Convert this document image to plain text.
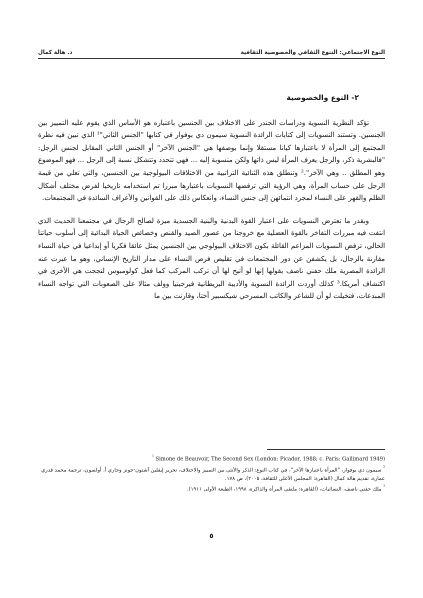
النوع الاجتماعي: التنوع الثقافي والخصوصية الثقافية
د. هالة كمال
٢- النوع والخصوصية

تؤكد النظرية النسوية ودراسات الجندر على الاختلاف بين الجنسين باعتباره هو الأساس الذي يقوم عليه التمييز بين الجنسين. وتستند النسويات إلى كتابات الرائدة النسوية سيمون دي بوفوار في كتابها "الجنس الثاني"¹ الذي تبين فيه نظرة المجتمع إلى المرأة لا باعتبارها كيانا مستقلا وإنما بوصفها هي "الجنس الآخر" أو الجنس الثاني المقابل لجنس الرجل: "فالبشرية ذكر، والرجل يعرف المرأة ليس ذاتها ولكن منسوبة إليه ... فهي تتحدد وتتشكل نسبة إلى الرجل ... فهو الموضوع وهو المطلق .. وهي الآخر".² وتنطلق هذه الثنائية التراتبية من الاختلافات البيولوجية بين الجنسين، والتي تعلي من قيمة الرجل على حساب المرأة، وهي الرؤية التي ترفضها النسويات باعتبارها مبررا تم استخدامه تاريخيا لفرض مختلف أشكال الظلم والقهر على النساء لمجرد انتمائهن إلى جنس النساء، وانعكاس ذلك على القوانين والأعراف السائدة في المجتمعات.

وبقدر ما تعترض النسويات على اعتبار القوة البدنية والبنية الجسدية ميزة لصالح الرجال في مجتمعنا الحديث الذي انتفت فيه مبررات التفاخر بالقوة العضلية مع خروجنا من عصور الصيد والقنص وخصائص الحياة البدائية إلى أسلوب حياتنا الحالي، ترفض النسويات المزاعم القائلة بكون الاختلاف البيولوجي بين الجنسين يمثل عائقا فكريا أو إبداعيا في حياة النساء مقارنة بالرجال، بل يكشفن عن دور المجتمعات في تقليص فرص النساء على مدار التاريخ الإنساني، وهو ما عبرت عنه الرائدة المصرية ملك حفني ناصف بقولها إنها لو أتيح لها أن تركب المركب كما فعل كولومبوس لنجحت هي الأخرى في اكتشاف أمريكا.³ كذلك أوردت الرائدة النسوية والأديبة البريطانية فيرجينيا وولف مثالا على الصعوبات التي تواجه النساء المبدعات، فتخيلت لو أن للشاعر والكاتب المسرحي شيكسبير أختا، وقارنت بين ما

$^{^1}$ Simone de Beauvoir, The Second Sex (London: Picador, 1988; c. Paris: Gallimard 1949)

$^{^2}$ سيمون دي بوفوار، "المرأة باعتبارها الآخر"، في كتاب النوع: الذكر والأنثى بين التمييز والاختلاف، تحرير إيفلين آشتون-جونز وجاري أ. أولسون، ترجمة محمد قدري عمارة، تقديم هالة كمال (القاهرة: المجلس الأعلى للثقافة، ٢٠٠٥)، ص ١٧٨.

$^{^3}$ ملك حفني ناصف، النسائيات، (القاهرة: ملتقى المرأة والذاكرة، ١٩٩٨، الطبعة الأولى ١٩١١).

٥
